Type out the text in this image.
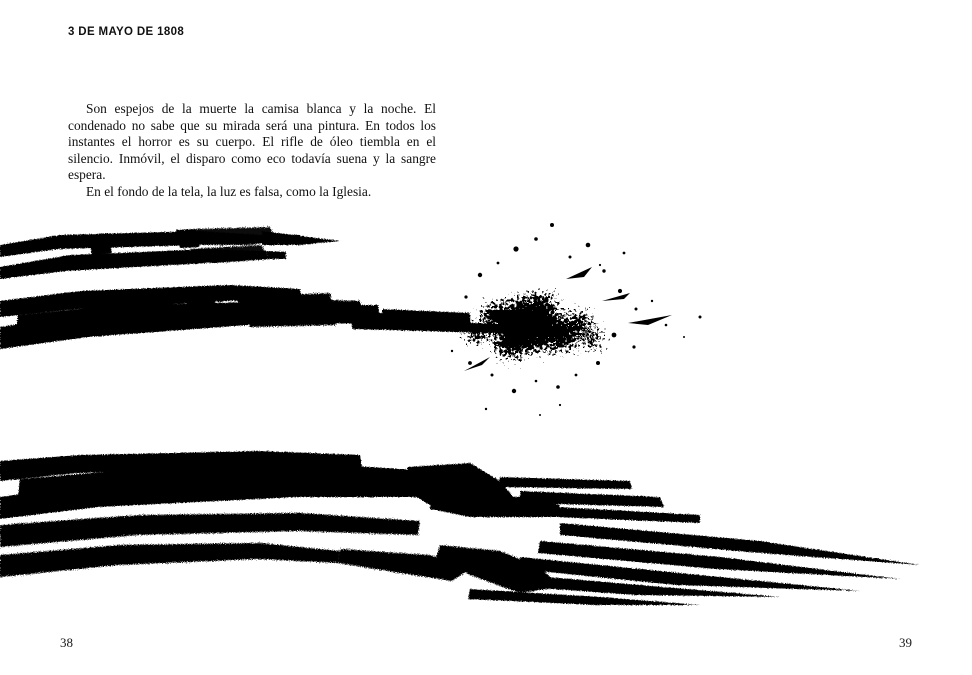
3 DE MAYO DE 1808

Son espejos de la muerte la camisa blanca y la noche. El condenado no sabe que su mirada será una pintura. En todos los instantes el horror es su cuerpo. El rifle de óleo tiembla en el silencio. Inmóvil, el disparo como eco todavía suena y la sangre espera.

En el fondo de la tela, la luz es falsa, como la Iglesia.

38	39
